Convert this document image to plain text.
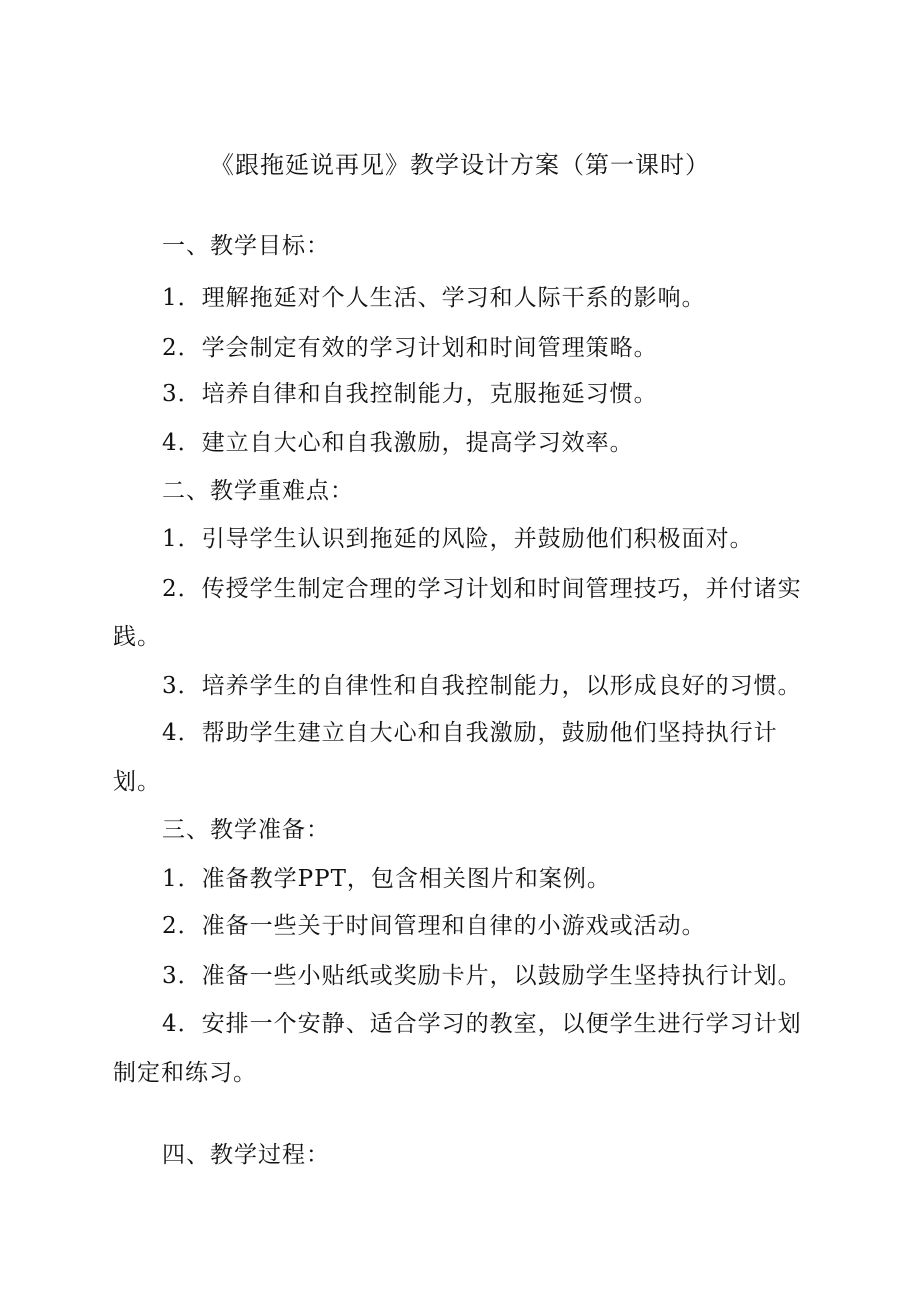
《跟拖延说再见》教学设计方案（第一课时）

一、教学目标：

1．理解拖延对个人生活、学习和人际干系的影响。

2．学会制定有效的学习计划和时间管理策略。

3．培养自律和自我控制能力，克服拖延习惯。

4．建立自大心和自我激励，提高学习效率。

二、教学重难点：

1．引导学生认识到拖延的风险，并鼓励他们积极面对。

2．传授学生制定合理的学习计划和时间管理技巧，并付诸实

践。

3．培养学生的自律性和自我控制能力，以形成良好的习惯。

4．帮助学生建立自大心和自我激励，鼓励他们坚持执行计

划。

三、教学准备：

1．准备教学PPT，包含相关图片和案例。

2．准备一些关于时间管理和自律的小游戏或活动。

3．准备一些小贴纸或奖励卡片，以鼓励学生坚持执行计划。

4．安排一个安静、适合学习的教室，以便学生进行学习计划

制定和练习。

四、教学过程：
